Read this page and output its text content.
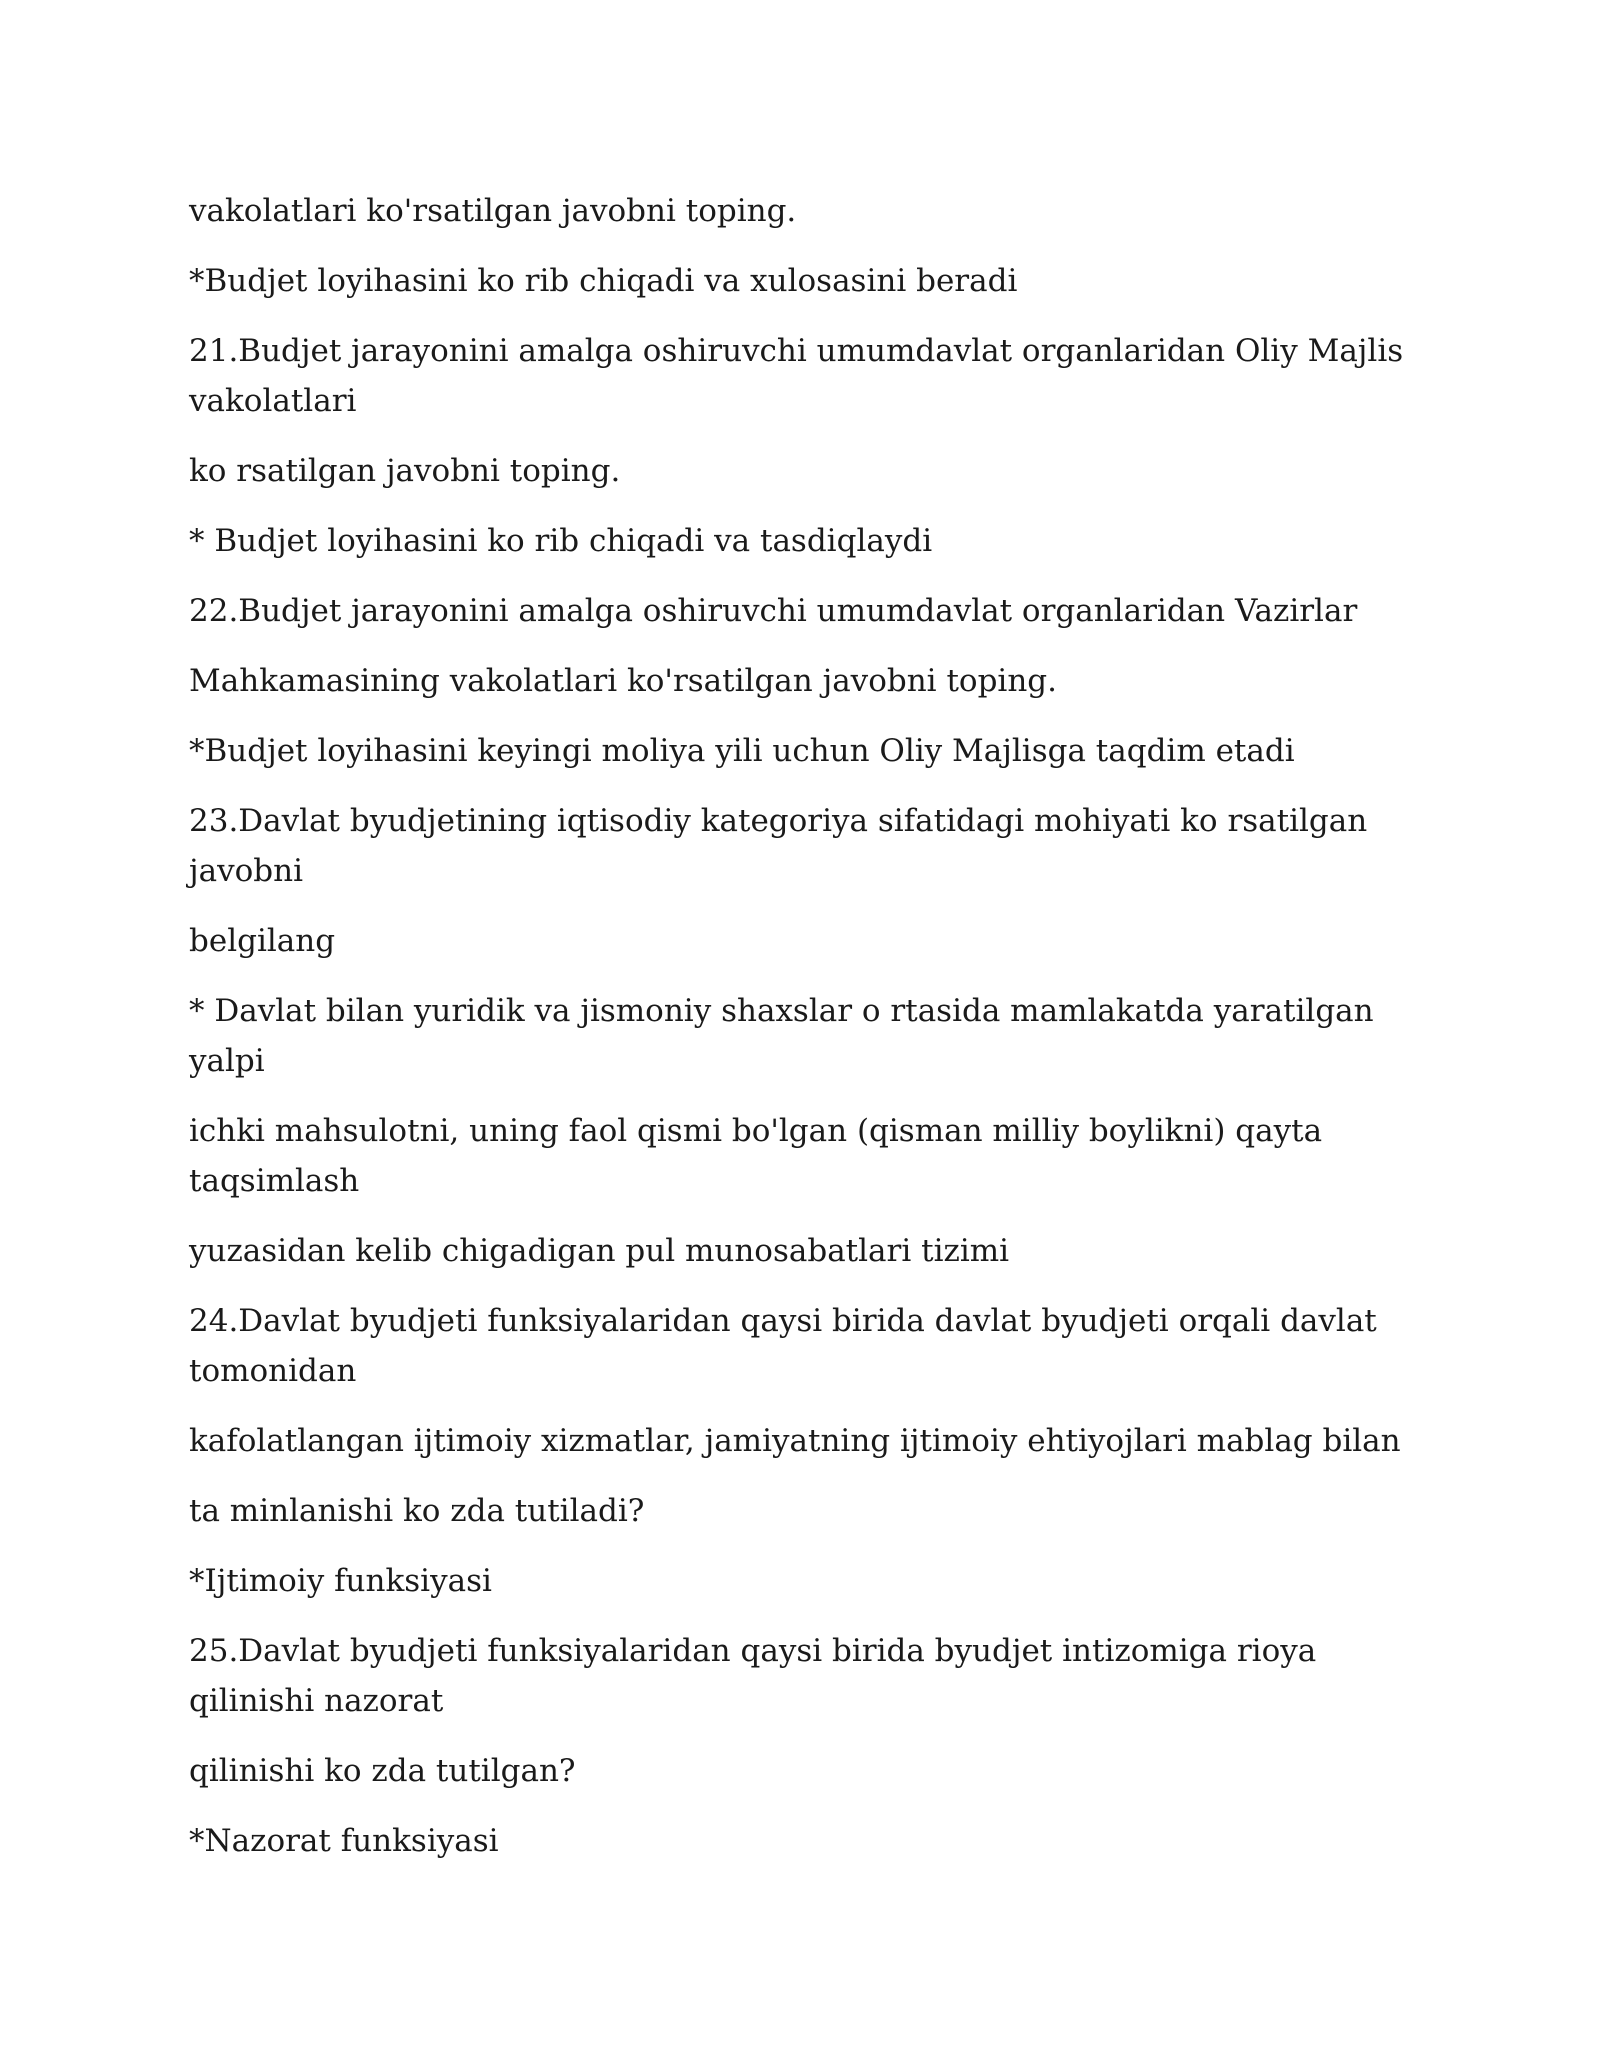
vakolatlari ko'rsatilgan javobni toping.

*Budjet loyihasini ko rib chiqadi va xulosasini beradi

21.Budjet jarayonini amalga oshiruvchi umumdavlat organlaridan Oliy Majlis vakolatlari

ko rsatilgan javobni toping.

* Budjet loyihasini ko rib chiqadi va tasdiqlaydi

22.Budjet jarayonini amalga oshiruvchi umumdavlat organlaridan Vazirlar

Mahkamasining vakolatlari ko'rsatilgan javobni toping.

*Budjet loyihasini keyingi moliya yili uchun Oliy Majlisga taqdim etadi

23.Davlat byudjetining iqtisodiy kategoriya sifatidagi mohiyati ko rsatilgan javobni

belgilang

* Davlat bilan yuridik va jismoniy shaxslar o rtasida mamlakatda yaratilgan yalpi

ichki mahsulotni, uning faol qismi bo'lgan (qisman milliy boylikni) qayta taqsimlash

yuzasidan kelib chigadigan pul munosabatlari tizimi

24.Davlat byudjeti funksiyalaridan qaysi birida davlat byudjeti orqali davlat tomonidan

kafolatlangan ijtimoiy xizmatlar, jamiyatning ijtimoiy ehtiyojlari mablag bilan

ta minlanishi ko zda tutiladi?

*Ijtimoiy funksiyasi

25.Davlat byudjeti funksiyalaridan qaysi birida byudjet intizomiga rioya qilinishi nazorat

qilinishi ko zda tutilgan?

*Nazorat funksiyasi
